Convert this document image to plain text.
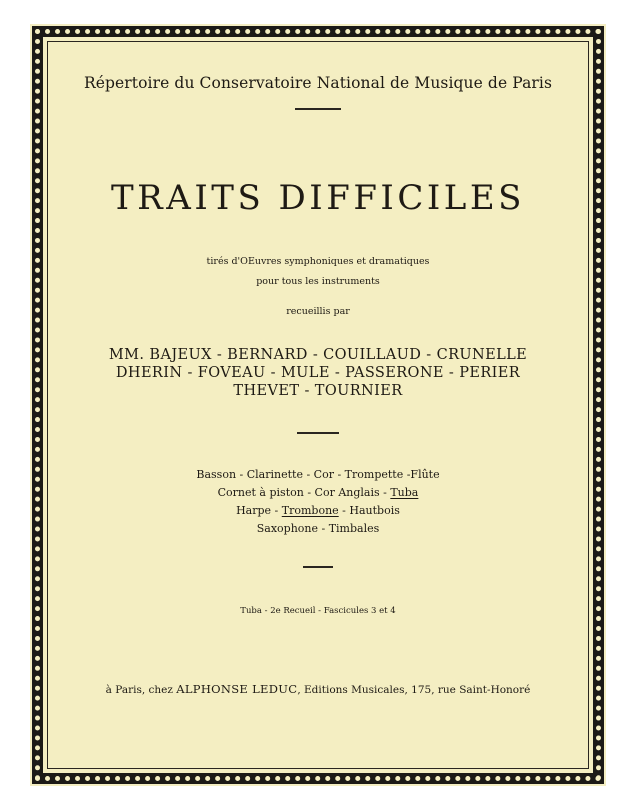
Répertoire du Conservatoire National de Musique de Paris
TRAITS DIFFICILES
tirés d'OEuvres symphoniques et dramatiques
pour tous les instruments
recueillis par
MM. BAJEUX - BERNARD - COUILLAUD - CRUNELLE
DHERIN - FOVEAU - MULE - PASSERONE - PERIER
THEVET - TOURNIER
Basson - Clarinette - Cor - Trompette -Flûte
Cornet à piston - Cor Anglais - Tuba
Harpe - Trombone - Hautbois
Saxophone - Timbales
Tuba - 2e Recueil - Fascicules 3 et 4
à Paris, chez ALPHONSE LEDUC, Editions Musicales, 175, rue Saint-Honoré
